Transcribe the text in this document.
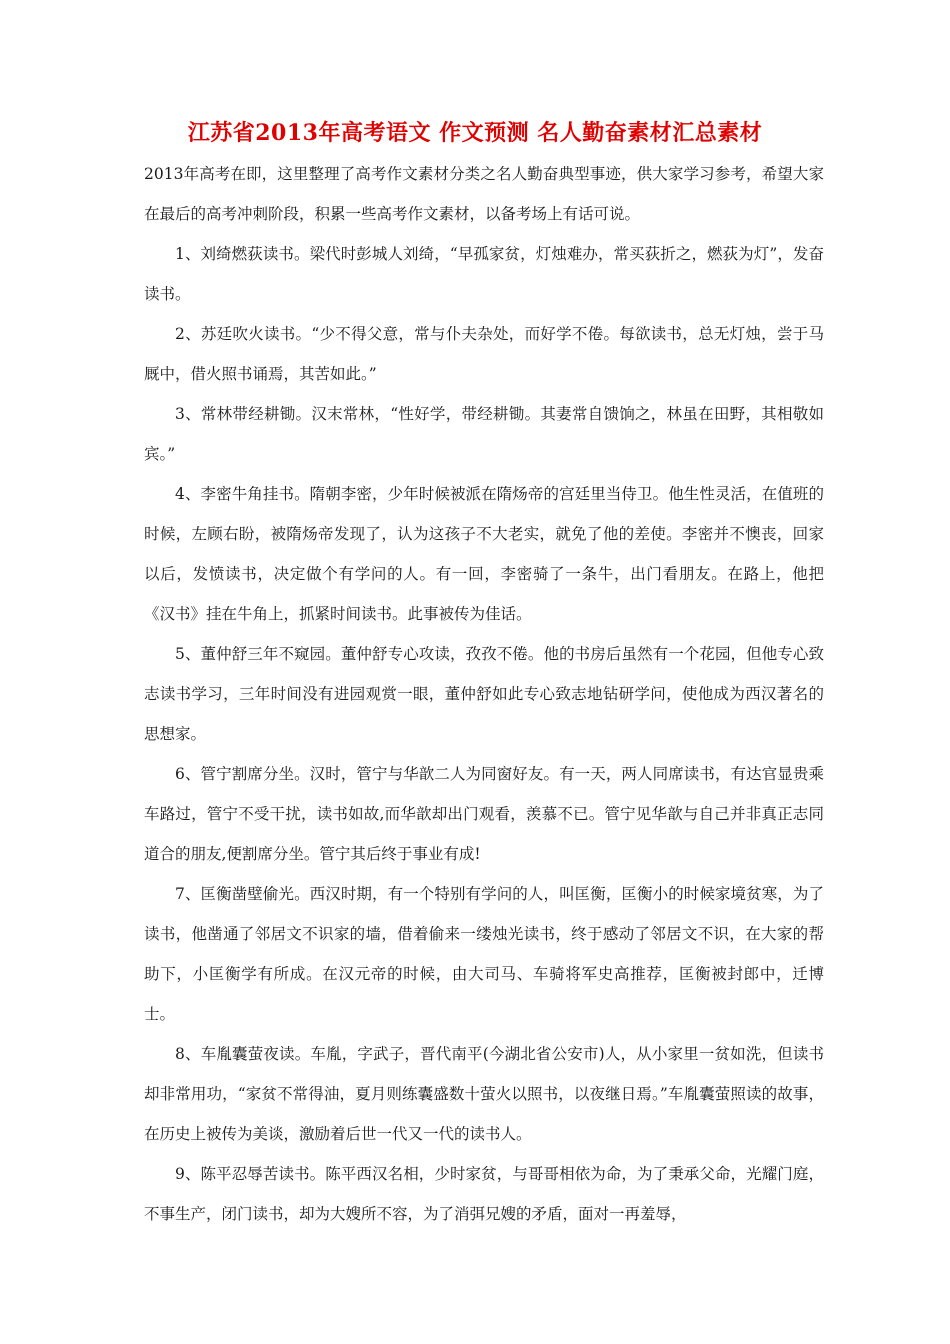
江苏省2013年高考语文 作文预测 名人勤奋素材汇总素材

2013年高考在即，这里整理了高考作文素材分类之名人勤奋典型事迹，供大家学习参考，希望大家在最后的高考冲刺阶段，积累一些高考作文素材，以备考场上有话可说。

1、刘绮燃荻读书。梁代时彭城人刘绮，“早孤家贫，灯烛难办，常买荻折之，燃荻为灯”，发奋读书。

2、苏廷吹火读书。“少不得父意，常与仆夫杂处，而好学不倦。每欲读书，总无灯烛，尝于马厩中，借火照书诵焉，其苦如此。”

3、常林带经耕锄。汉末常林，“性好学，带经耕锄。其妻常自馈饷之，林虽在田野，其相敬如宾。”

4、李密牛角挂书。隋朝李密，少年时候被派在隋炀帝的宫廷里当侍卫。他生性灵活，在值班的时候，左顾右盼，被隋炀帝发现了，认为这孩子不大老实，就免了他的差使。李密并不懊丧，回家以后，发愤读书，决定做个有学问的人。有一回，李密骑了一条牛，出门看朋友。在路上，他把《汉书》挂在牛角上，抓紧时间读书。此事被传为佳话。

5、董仲舒三年不窥园。董仲舒专心攻读，孜孜不倦。他的书房后虽然有一个花园，但他专心致志读书学习，三年时间没有进园观赏一眼，董仲舒如此专心致志地钻研学问，使他成为西汉著名的思想家。

6、管宁割席分坐。汉时，管宁与华歆二人为同窗好友。有一天，两人同席读书，有达官显贵乘车路过，管宁不受干扰，读书如故,而华歆却出门观看，羡慕不已。管宁见华歆与自己并非真正志同道合的朋友,便割席分坐。管宁其后终于事业有成!

7、匡衡凿壁偷光。西汉时期，有一个特别有学问的人，叫匡衡，匡衡小的时候家境贫寒，为了读书，他凿通了邻居文不识家的墙，借着偷来一缕烛光读书，终于感动了邻居文不识，在大家的帮助下，小匡衡学有所成。在汉元帝的时候，由大司马、车骑将军史高推荐，匡衡被封郎中，迁博士。

8、车胤囊萤夜读。车胤，字武子，晋代南平(今湖北省公安市)人，从小家里一贫如洗，但读书却非常用功，“家贫不常得油，夏月则练囊盛数十萤火以照书，以夜继日焉。”车胤囊萤照读的故事，在历史上被传为美谈，激励着后世一代又一代的读书人。

9、陈平忍辱苦读书。陈平西汉名相，少时家贫，与哥哥相依为命，为了秉承父命，光耀门庭，不事生产，闭门读书，却为大嫂所不容，为了消弭兄嫂的矛盾，面对一再羞辱，
